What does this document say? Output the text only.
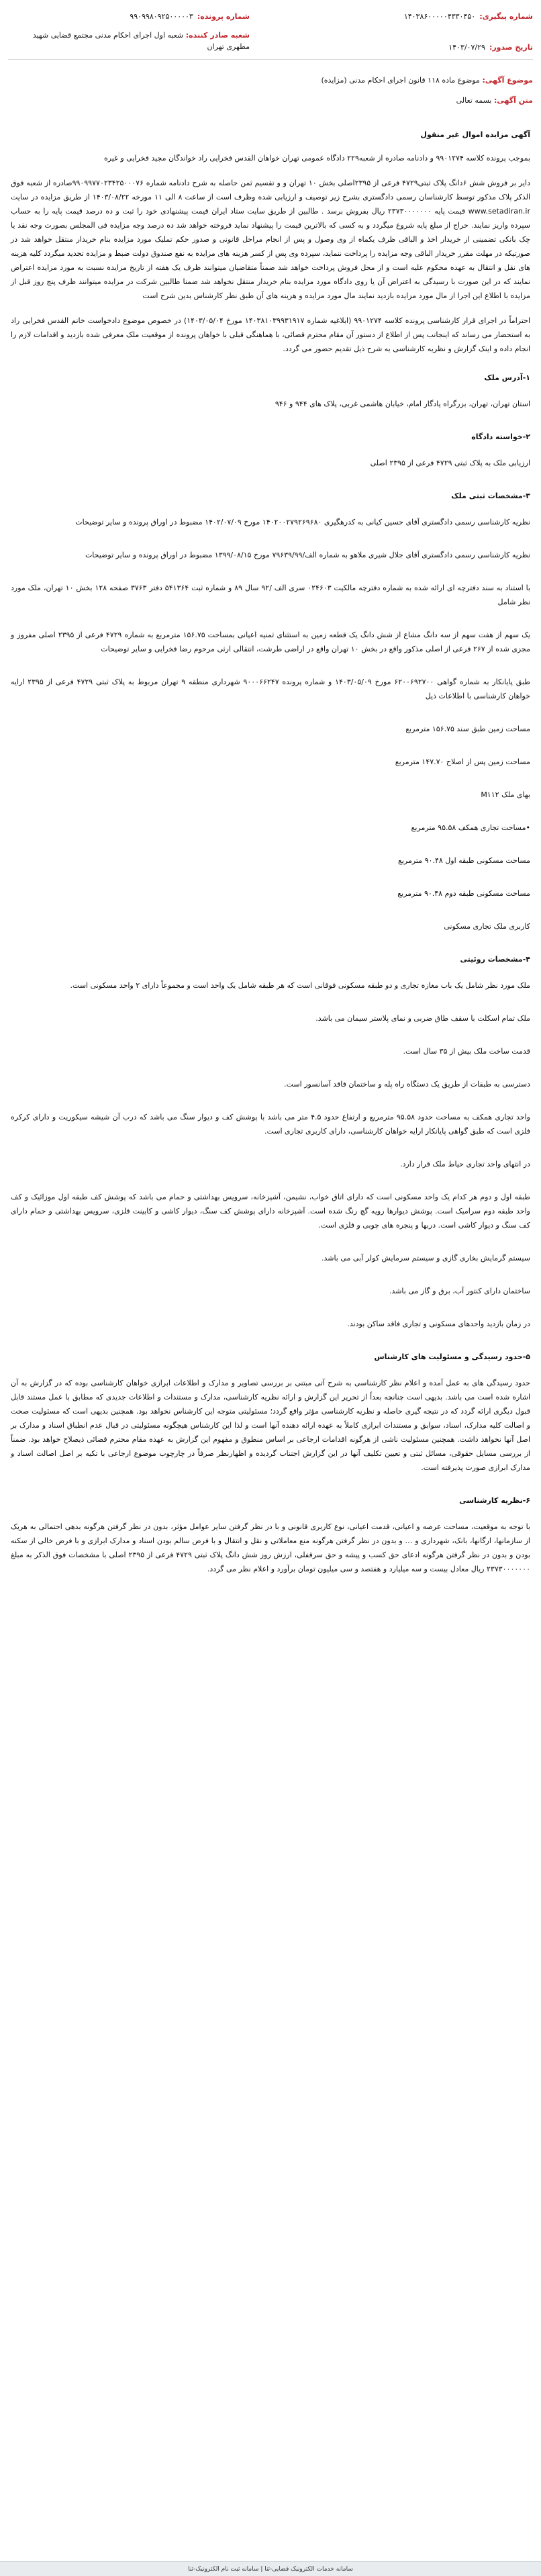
شماره پیگیری:
۱۴۰۳۸۶۰۰۰۰۰۴۳۳۰۴۵۰
تاریخ صدور:
۱۴۰۳/۰۷/۲۹
شماره پرونده:
۹۹۰۹۹۸۰۹۲۵۰۰۰۰۰۳
شعبه صادر کننده: شعبه اول اجرای احکام مدنی مجتمع قضایی شهید مطهری تهران
موضوع آگهی: موضوع ماده ۱۱۸ قانون اجرای احکام مدنی (مزایده)
متن آگهی: بسمه تعالی

آگهی مزایده اموال غیر منقول

بموجب پرونده کلاسه ۹۹۰۱۲۷۴ و دادنامه صادره از شعبه۲۲۹ دادگاه عمومی تهران خواهان القدس فخرایی راد خواندگان مجید فخرایی و غیره

دایر بر فروش شش ۶دانگ پلاک ثبتی۴۷۲۹ فرعی از ۲۳۹۵اصلی بخش ۱۰ تهران و و تقسیم ثمن حاصله به شرح دادنامه شماره ۹۹۰۹۹۷۷۰۲۳۴۲۵۰۰۰۷۶صادره از شعبه فوق الذکر پلاک مذکور توسط کارشناسان رسمی دادگستری بشرح زیر توصیف و ارزیابی شده وظرف است از ساعت ۸ الی ۱۱ مورخه ۱۴۰۳/۰۸/۲۲ از طریق مزایده در سایت www.setadiran.ir قیمت پایه ۲۳۷۳۰۰۰۰۰۰۰ ریال بفروش برسد . طالبین از طریق سایت ستاد ایران قیمت پیشنهادی خود را ثبت و ده درصد قیمت پایه را به حساب سپرده واریز نمایند. حراج از مبلغ پایه شروع میگردد و به کسی که بالاترین قیمت را پیشنهاد نماید فروخته خواهد شد ده درصد وجه مزایده فی المجلس بصورت وجه نقد یا چک بانکی تضمینی از خریدار اخذ و الباقی ظرف یکماه از وی وصول و پس از انجام مراحل قانونی و صدور حکم تملیک مورد مزایده بنام خریدار منتقل خواهد شد در صورتیکه در مهلت مقرر خریدار الباقی وجه مزایده را پرداخت ننماید، سپرده وی پس از کسر هزینه های مزایده به نفع صندوق دولت ضبط و مزایده تجدید میگردد کلیه هزینه های نقل و انتقال به عهده محکوم علیه است و از محل فروش پرداخت خواهد شد ضمناً متقاضیان میتوانند ظرف یک هفته از تاریخ مزایده نسبت به مورد مزایده اعتراض نمایند که در این صورت با رسیدگی به اعتراض آن یا روی دادگاه مورد مزایده بنام خریدار منتقل نخواهد شد ضمنا طالبین شرکت در مزایده میتوانند ظرف پنج روز قبل از مزایده با اطلاع این اجرا از مال مورد مزایده بازدید نمایند مال مورد مزایده و هزینه های آن طبق نظر کارشناس بدین شرح است

احتراماً در اجرای قرار کارشناسی پرونده کلاسه ۹۹۰۱۲۷۴ (ابلاغیه شماره ۱۴۰۳۸۱۰۳۹۹۳۱۹۱۷ مورخ ۱۴۰۳/۰۵/۰۴) در خصوص موضوع دادخواست خانم القدس فخرایی راد به استحضار می رساند که اینجانب پس از اطلاع از دستور آن مقام محترم قضائی، با هماهنگی قبلی با خواهان پرونده از موقعیت ملک معرفی شده بازدید و اقدامات لازم را انجام داده و اینک گزارش و نظریه کارشناسی به شرح ذیل تقدیم حضور می گردد.

۱-آدرس ملک

استان تهران، تهران، بزرگراه یادگار امام، خیابان هاشمی غربی، پلاک های ۹۴۴ و ۹۴۶

۲-خواسته دادگاه

ارزیابی ملک به پلاک ثبتی ۴۷۲۹ فرعی از ۲۳۹۵ اصلی

۳-مشخصات ثبتی ملک

نظریه کارشناسی رسمی دادگستری آقای حسین کیانی به کدرهگیری ۱۴۰۲۰۰۲۷۹۲۶۹۶۸۰ مورخ ۱۴۰۲/۰۷/۰۹ مضبوط در اوراق پرونده و سایر توضیحات

نظریه کارشناسی رسمی دادگستری آقای جلال شیری ملاهو به شماره الف/۷۹۶۳۹/۹۹ مورخ ۱۳۹۹/۰۸/۱۵ مضبوط در اوراق پرونده و سایر توضیحات

با استناد به سند دفترچه ای ارائه شده به شماره دفترچه مالکیت ۰۲۴۶۰۳ سری الف /۹۲ سال ۸۹ و شماره ثبت ۵۴۱۳۶۴ دفتر ۳۷۶۳ صفحه ۱۲۸ بخش ۱۰ تهران، ملک مورد نظر شامل

یک سهم از هفت سهم از سه دانگ مشاع از شش دانگ یک قطعه زمین به استثنای ثمنیه اعیانی بمساحت ۱۵۶.۷۵ مترمربع به شماره ۴۷۲۹ فرعی از ۲۳۹۵ اصلی مفروز و مجزی شده از ۲۶۷ فرعی از اصلی مذکور واقع در بخش ۱۰ تهران واقع در اراضی طرشت، انتقالی ارثی مرحوم رضا فخرایی و سایر توضیحات

طبق پایانکار به شماره گواهی ۶۲۰۰۶۹۲۷۰۰ مورخ ۱۴۰۳/۰۵/۰۹ و شماره پرونده ۹۰۰۰۶۶۲۴۷ شهرداری منطقه ۹ تهران مربوط به پلاک ثبتی ۴۷۲۹ فرعی از ۲۳۹۵ ارایه خواهان کارشناسی با اطلاعات ذیل

مساحت زمین طبق سند ۱۵۶.۷۵ مترمربع

مساحت زمین پس از اصلاح ۱۴۷.۷۰ مترمربع

بهای ملک M۱۱۲

•مساحت تجاری همکف ۹۵.۵۸ مترمربع

مساحت مسکونی طبقه اول ۹۰.۴۸ مترمربع

مساحت مسکونی طبقه دوم ۹۰.۴۸ مترمربع

کاربری ملک تجاری مسکونی

۴-مشخصات روئیتی

ملک مورد نظر شامل یک باب مغازه تجاری و دو طبقه مسکونی فوقانی است که هر طبقه شامل یک واحد است و مجموعاً دارای ۲ واحد مسکونی است.

ملک تمام اسکلت با سقف طاق ضربی و نمای پلاستر سیمان می باشد.

قدمت ساخت ملک بیش از ۳۵ سال است.

دسترسی به طبقات از طریق یک دستگاه راه پله و ساختمان فاقد آسانسور است.

واحد تجاری همکف به مساحت حدود ۹۵.۵۸ مترمربع و ارتفاع حدود ۴.۵ متر می باشد با پوشش کف و دیوار سنگ می باشد که درب آن شیشه سیکوریت و دارای کرکره فلزی است که طبق گواهی پایانکار ارایه خواهان کارشناسی، دارای کاربری تجاری است.

در انتهای واحد تجاری حیاط ملک قرار دارد.

طبقه اول و دوم هر کدام یک واحد مسکونی است که دارای اتاق خواب، نشیمن، آشپزخانه، سرویس بهداشتی و حمام می باشد که پوشش کف طبقه اول موزائیک و کف واحد طبقه دوم سرامیک است. پوشش دیوارها رویه گچ رنگ شده است. آشپزخانه دارای پوشش کف سنگ، دیوار کاشی و کابینت فلزی، سرویس بهداشتی و حمام دارای کف سنگ و دیوار کاشی است. دربها و پنجره های چوبی و فلزی است.

سیستم گرمایش بخاری گازی و سیستم سرمایش کولر آبی می باشد.

ساختمان دارای کنتور آب، برق و گاز می باشد.

در زمان بازدید واحدهای مسکونی و تجاری فاقد ساکن بودند.

۵-حدود رسیدگی و مسئولیت های کارشناس

حدود رسیدگی های به عمل آمده و اعلام نظر کارشناسی به شرح آتی مبتنی بر بررسی تصاویر و مدارک و اطلاعات ابرازی خواهان کارشناسی بوده که در گزارش به آن اشاره شده است می باشد. بدیهی است چنانچه بعداً از تحریر این گزارش و ارائه نظریه کارشناسی، مدارک و مستندات و اطلاعات جدیدی که مطابق با عمل مستند قابل قبول دیگری ارائه گردد که در نتیجه گیری حاصله و نظریه کارشناسی مؤثر واقع گردد؛ مسئولیتی متوجه این کارشناس نخواهد بود. همچنین بدیهی است که مسئولیت صحت و اصالت کلیه مدارک، اسناد، سوابق و مستندات ابرازی کاملاً به عهده ارائه دهنده آنها است و لذا این کارشناس هیچگونه مسئولیتی در قبال عدم انطباق اسناد و مدارک بر اصل آنها نخواهد داشت. همچنین مسئولیت ناشی از هرگونه اقدامات ارجاعی بر اساس منطوق و مفهوم این گزارش به عهده مقام محترم قضائی ذیصلاح خواهد بود. ضمناً از بررسی مسایل حقوقی، مسائل ثبتی و تعیین تکلیف آنها در این گزارش اجتناب گردیده و اظهارنظر صرفاً در چارچوب موضوع ارجاعی با تکیه بر اصل اصالت اسناد و مدارک ابرازی صورت پذیرفته است.

۶-نظریه کارشناسی

با توجه به موقعیت، مساحت عرصه و اعیانی، قدمت اعیانی، نوع کاربری قانونی و با در نظر گرفتن سایر عوامل مؤثر، بدون در نظر گرفتن هرگونه بدهی احتمالی به هریک از سازمانها، ارگانها، بانک، شهرداری و … و بدون در نظر گرفتن هرگونه منع معاملاتی و نقل و انتقال و با فرض سالم بودن اسناد و مدارک ابرازی و با فرض خالی از سکنه بودن و بدون در نظر گرفتن هرگونه ادعای حق کسب و پیشه و حق سرقفلی، ارزش روز شش دانگ پلاک ثبتی ۴۷۲۹ فرعی از ۲۳۹۵ اصلی با مشخصات فوق الذکر به مبلغ ۲۳۷۳۰۰۰۰۰۰۰ ریال معادل بیست و سه میلیارد و هفتصد و سی میلیون تومان برآورد و اعلام نظر می گردد.

سامانه خدمات الکترونیک قضایی-ثنا | سامانه ثبت نام الکترونیک-ثنا
